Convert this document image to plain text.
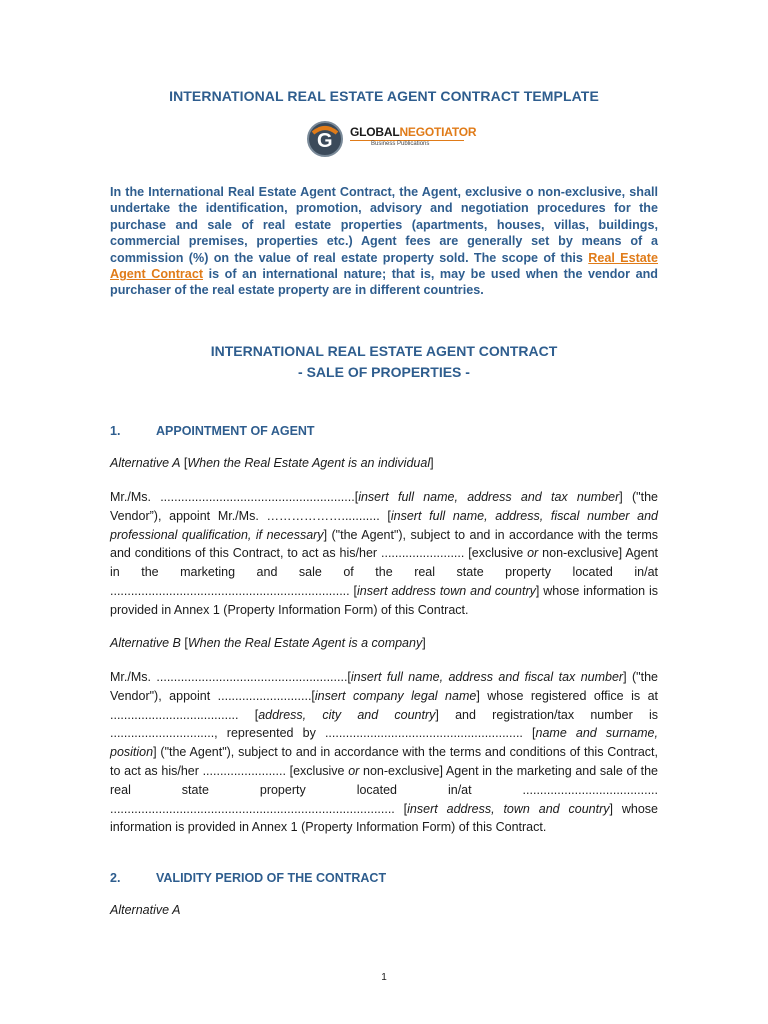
INTERNATIONAL REAL ESTATE AGENT CONTRACT TEMPLATE
G GLOBALNEGOTIATOR
Business Publications
In the International Real Estate Agent Contract, the Agent, exclusive o non-exclusive, shall undertake the identification, promotion, advisory and negotiation procedures for the purchase and sale of real estate properties (apartments, houses, villas, buildings, commercial premises, properties etc.) Agent fees are generally set by means of a commission (%) on the value of real estate property sold. The scope of this Real Estate Agent Contract is of an international nature; that is, may be used when the vendor and purchaser of the real estate property are in different countries.
INTERNATIONAL REAL ESTATE AGENT CONTRACT
- SALE OF PROPERTIES -
1.	APPOINTMENT OF AGENT
Alternative A [When the Real Estate Agent is an individual]
Mr./Ms. ........................................................[insert full name, address and tax number] ("the Vendor”), appoint Mr./Ms. ………………........... [insert full name, address, fiscal number and professional qualification, if necessary] ("the Agent"), subject to and in accordance with the terms and conditions of this Contract, to act as his/her ........................ [exclusive or non-exclusive] Agent in the marketing and sale of the real state property located in/at ..................................................................... [insert address town and country] whose information is provided in Annex 1 (Property Information Form) of this Contract.
Alternative B [When the Real Estate Agent is a company]
Mr./Ms. .......................................................[insert full name, address and fiscal tax number] ("the Vendor"), appoint ...........................[insert company legal name] whose registered office is at ..................................... [address, city and country] and registration/tax number is .............................., represented by ......................................................... [name and surname, position] ("the Agent"), subject to and in accordance with the terms and conditions of this Contract, to act as his/her ........................ [exclusive or non-exclusive] Agent in the marketing and sale of the real state property located in/at ....................................... .................................................................................. [insert address, town and country] whose information is provided in Annex 1 (Property Information Form) of this Contract.
2.	VALIDITY PERIOD OF THE CONTRACT
Alternative A
1
